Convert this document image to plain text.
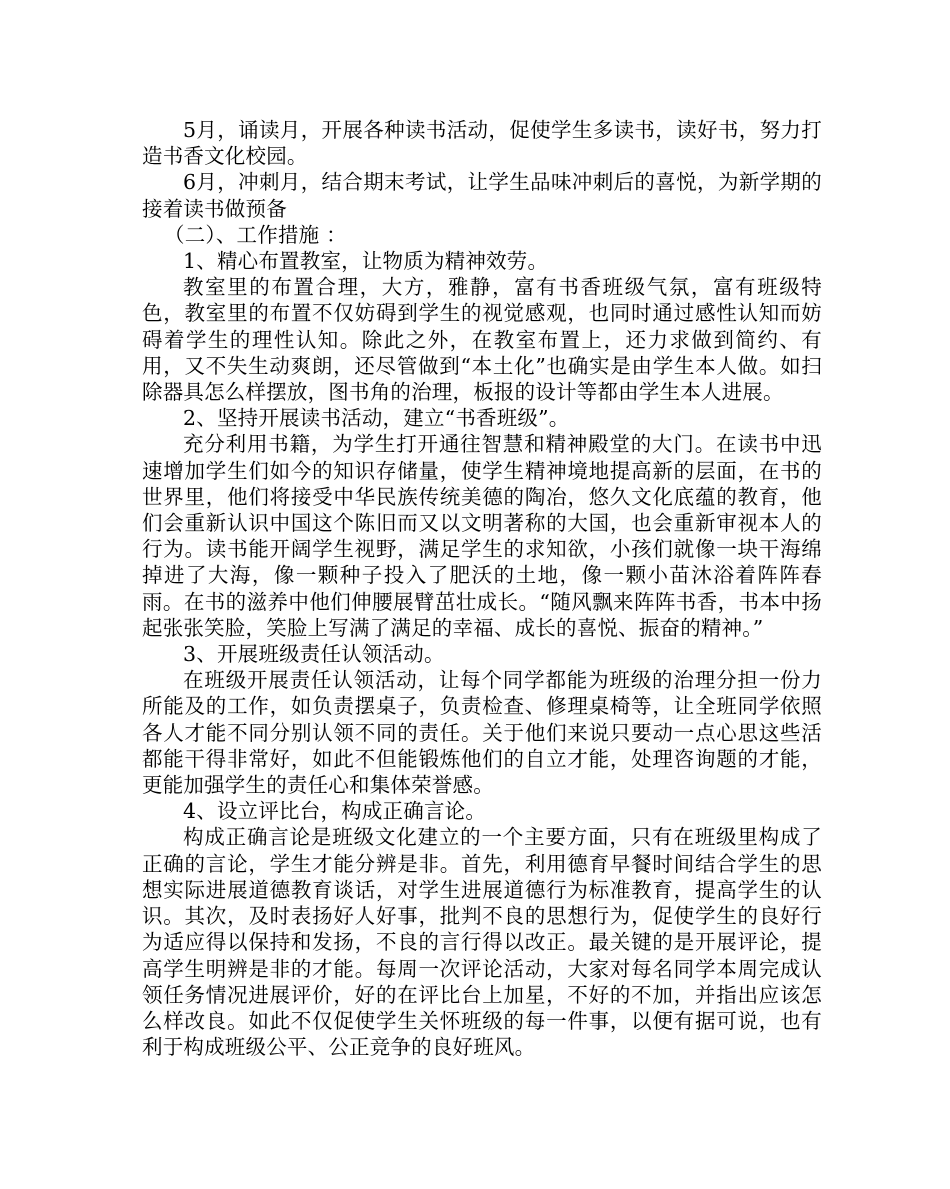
5月，诵读月，开展各种读书活动，促使学生多读书，读好书，努力打造书香文化校园。

6月，冲刺月，结合期末考试，让学生品味冲刺后的喜悦，为新学期的接着读书做预备

（二）、工作措施 ：

1、精心布置教室，让物质为精神效劳。

教室里的布置合理，大方，雅静，富有书香班级气氛，富有班级特色，教室里的布置不仅妨碍到学生的视觉感观，也同时通过感性认知而妨碍着学生的理性认知。除此之外，在教室布置上，还力求做到简约、有用，又不失生动爽朗，还尽管做到“本土化”也确实是由学生本人做。如扫除器具怎么样摆放，图书角的治理，板报的设计等都由学生本人进展。

2、坚持开展读书活动，建立“书香班级”。

充分利用书籍，为学生打开通往智慧和精神殿堂的大门。在读书中迅速增加学生们如今的知识存储量，使学生精神境地提高新的层面，在书的世界里，他们将接受中华民族传统美德的陶冶，悠久文化底蕴的教育，他们会重新认识中国这个陈旧而又以文明著称的大国，也会重新审视本人的行为。读书能开阔学生视野，满足学生的求知欲，小孩们就像一块干海绵掉进了大海，像一颗种子投入了肥沃的土地，像一颗小苗沐浴着阵阵春雨。在书的滋养中他们伸腰展臂茁壮成长。“随风飘来阵阵书香，书本中扬起张张笑脸，笑脸上写满了满足的幸福、成长的喜悦、振奋的精神。”

3、开展班级责任认领活动。

在班级开展责任认领活动，让每个同学都能为班级的治理分担一份力所能及的工作，如负责摆桌子，负责检查、修理桌椅等，让全班同学依照各人才能不同分别认领不同的责任。关于他们来说只要动一点心思这些活都能干得非常好，如此不但能锻炼他们的自立才能，处理咨询题的才能，更能加强学生的责任心和集体荣誉感。

4、设立评比台，构成正确言论。

构成正确言论是班级文化建立的一个主要方面，只有在班级里构成了正确的言论，学生才能分辨是非。首先，利用德育早餐时间结合学生的思想实际进展道德教育谈话，对学生进展道德行为标准教育，提高学生的认识。其次，及时表扬好人好事，批判不良的思想行为，促使学生的良好行为适应得以保持和发扬，不良的言行得以改正。最关键的是开展评论，提高学生明辨是非的才能。每周一次评论活动，大家对每名同学本周完成认领任务情况进展评价，好的在评比台上加星，不好的不加，并指出应该怎么样改良。如此不仅促使学生关怀班级的每一件事，以便有据可说，也有利于构成班级公平、公正竞争的良好班风。
